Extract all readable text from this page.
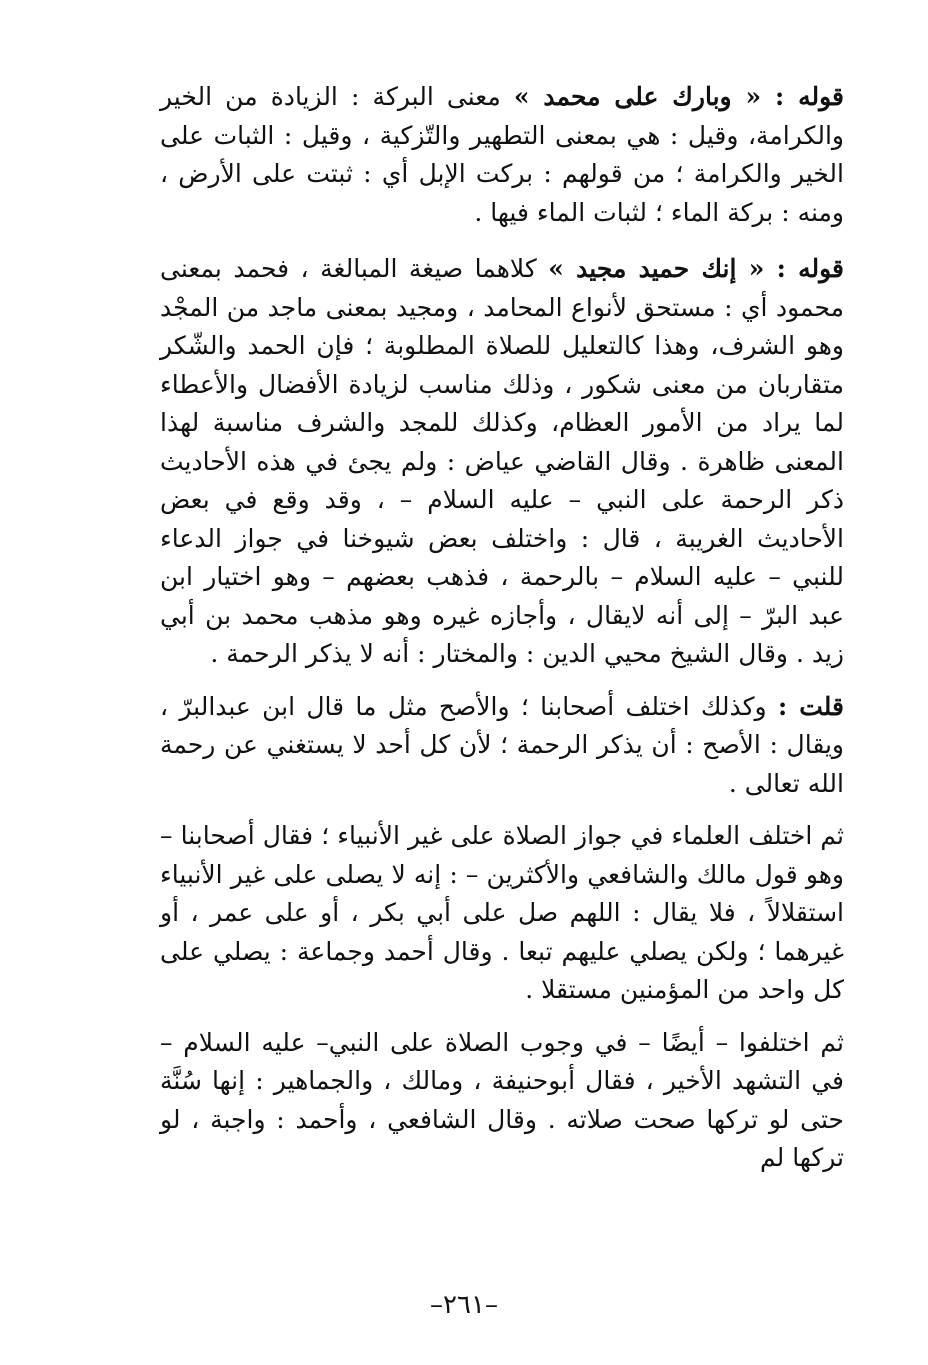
قوله : « وبارك على محمد » معنى البركة : الزيادة من الخير والكرامة، وقيل : هي بمعنى التطهير والتّزكية ، وقيل : الثبات على الخير والكرامة ؛ من قولهم : بركت الإبل أي : ثبتت على الأرض ، ومنه : بركة الماء ؛ لثبات الماء فيها .

قوله : « إنك حميد مجيد » كلاهما صيغة المبالغة ، فحمد بمعنى محمود أي : مستحق لأنواع المحامد ، ومجيد بمعنى ماجد من المجْد وهو الشرف، وهذا كالتعليل للصلاة المطلوبة ؛ فإن الحمد والشّكر متقاربان من معنى شكور ، وذلك مناسب لزيادة الأفضال والأعطاء لما يراد من الأمور العظام، وكذلك للمجد والشرف مناسبة لهذا المعنى ظاهرة . وقال القاضي عياض : ولم يجئ في هذه الأحاديث ذكر الرحمة على النبي – عليه السلام – ، وقد وقع في بعض الأحاديث الغريبة ، قال : واختلف بعض شيوخنا في جواز الدعاء للنبي – عليه السلام – بالرحمة ، فذهب بعضهم – وهو اختيار ابن عبد البرّ – إلى أنه لايقال ، وأجازه غيره وهو مذهب محمد بن أبي زيد . وقال الشيخ محيي الدين : والمختار : أنه لا يذكر الرحمة .

قلت : وكذلك اختلف أصحابنا ؛ والأصح مثل ما قال ابن عبدالبرّ ، ويقال : الأصح : أن يذكر الرحمة ؛ لأن كل أحد لا يستغني عن رحمة الله تعالى .

ثم اختلف العلماء في جواز الصلاة على غير الأنبياء ؛ فقال أصحابنا –وهو قول مالك والشافعي والأكثرين – : إنه لا يصلى على غير الأنبياء استقلالاً ، فلا يقال : اللهم صل على أبي بكر ، أو على عمر ، أو غيرهما ؛ ولكن يصلي عليهم تبعا . وقال أحمد وجماعة : يصلي على كل واحد من المؤمنين مستقلا .

ثم اختلفوا – أيضًا – في وجوب الصلاة على النبي– عليه السلام – في التشهد الأخير ، فقال أبوحنيفة ، ومالك ، والجماهير : إنها سُنَّة حتى لو تركها صحت صلاته . وقال الشافعي ، وأحمد : واجبة ، لو تركها لم

–٢٦١–
